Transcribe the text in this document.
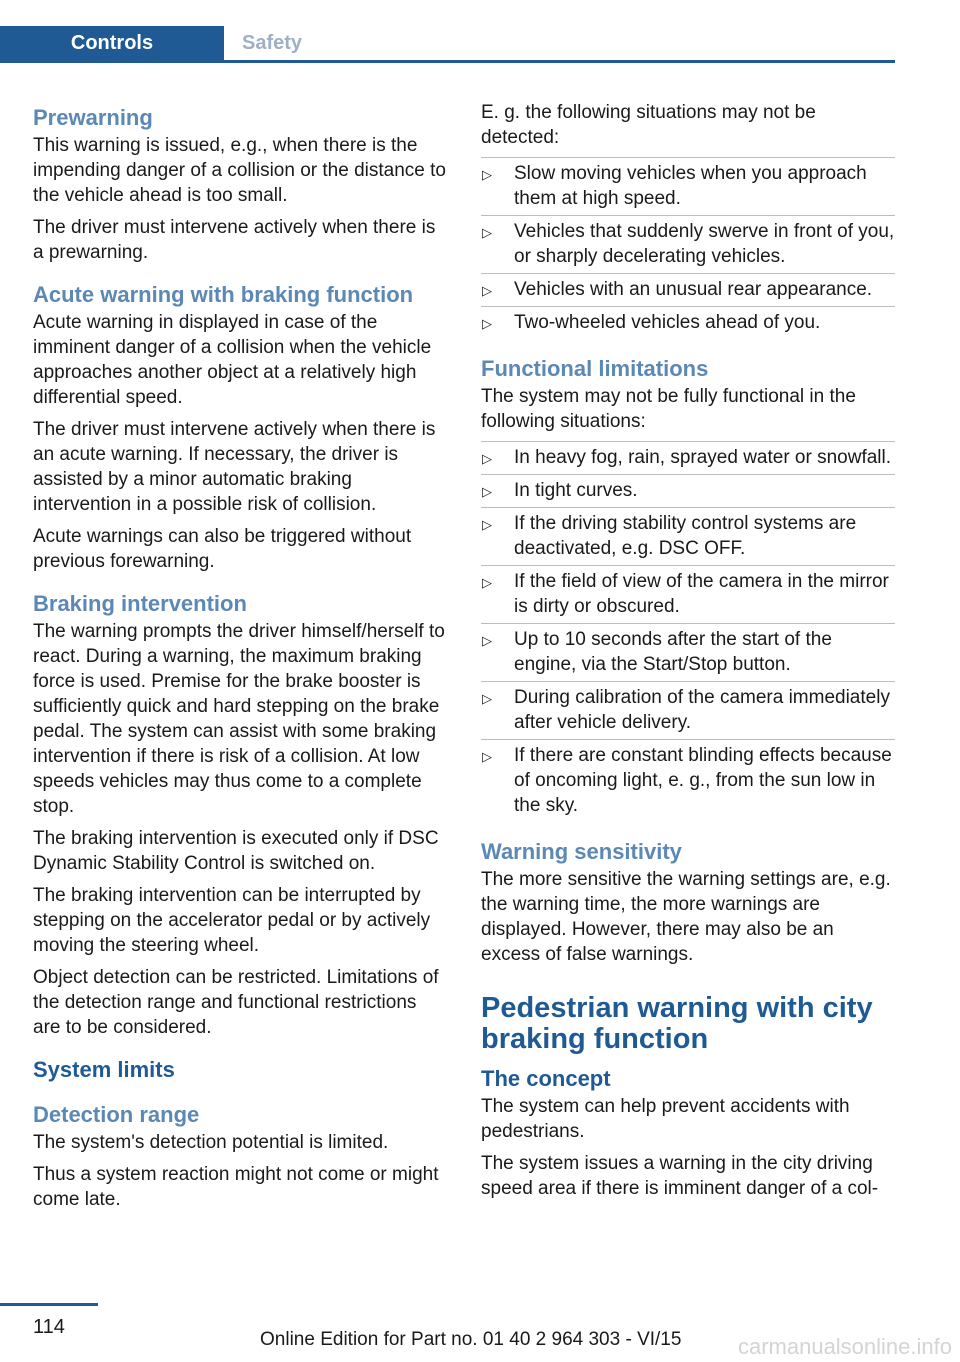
Controls	Safety
Prewarning

This warning is issued, e.g., when there is the impending danger of a collision or the distance to the vehicle ahead is too small.

The driver must intervene actively when there is a prewarning.

Acute warning with braking function

Acute warning in displayed in case of the imminent danger of a collision when the vehicle approaches another object at a relatively high differential speed.

The driver must intervene actively when there is an acute warning. If necessary, the driver is assisted by a minor automatic braking intervention in a possible risk of collision.

Acute warnings can also be triggered without previous forewarning.

Braking intervention

The warning prompts the driver himself/herself to react. During a warning, the maximum braking force is used. Premise for the brake booster is sufficiently quick and hard stepping on the brake pedal. The system can assist with some braking intervention if there is risk of a collision. At low speeds vehicles may thus come to a complete stop.

The braking intervention is executed only if DSC Dynamic Stability Control is switched on.

The braking intervention can be interrupted by stepping on the accelerator pedal or by actively moving the steering wheel.

Object detection can be restricted. Limitations of the detection range and functional restrictions are to be considered.

System limits
Detection range

The system's detection potential is limited.

Thus a system reaction might not come or might come late.

E. g. the following situations may not be detected:

▷ Slow moving vehicles when you approach them at high speed.
▷ Vehicles that suddenly swerve in front of you, or sharply decelerating vehicles.
▷ Vehicles with an unusual rear appearance.
▷ Two-wheeled vehicles ahead of you.
Functional limitations

The system may not be fully functional in the following situations:

▷ In heavy fog, rain, sprayed water or snowfall.
▷ In tight curves.
▷ If the driving stability control systems are deactivated, e.g. DSC OFF.
▷ If the field of view of the camera in the mirror is dirty or obscured.
▷ Up to 10 seconds after the start of the engine, via the Start/Stop button.
▷ During calibration of the camera immediately after vehicle delivery.
▷ If there are constant blinding effects because of oncoming light, e. g., from the sun low in the sky.
Warning sensitivity

The more sensitive the warning settings are, e.g. the warning time, the more warnings are displayed. However, there may also be an excess of false warnings.

Pedestrian warning with city braking function
The concept

The system can help prevent accidents with pedestrians.

The system issues a warning in the city driving speed area if there is imminent danger of a col-

114
Online Edition for Part no. 01 40 2 964 303 - VI/15	carmanualsonline.info
